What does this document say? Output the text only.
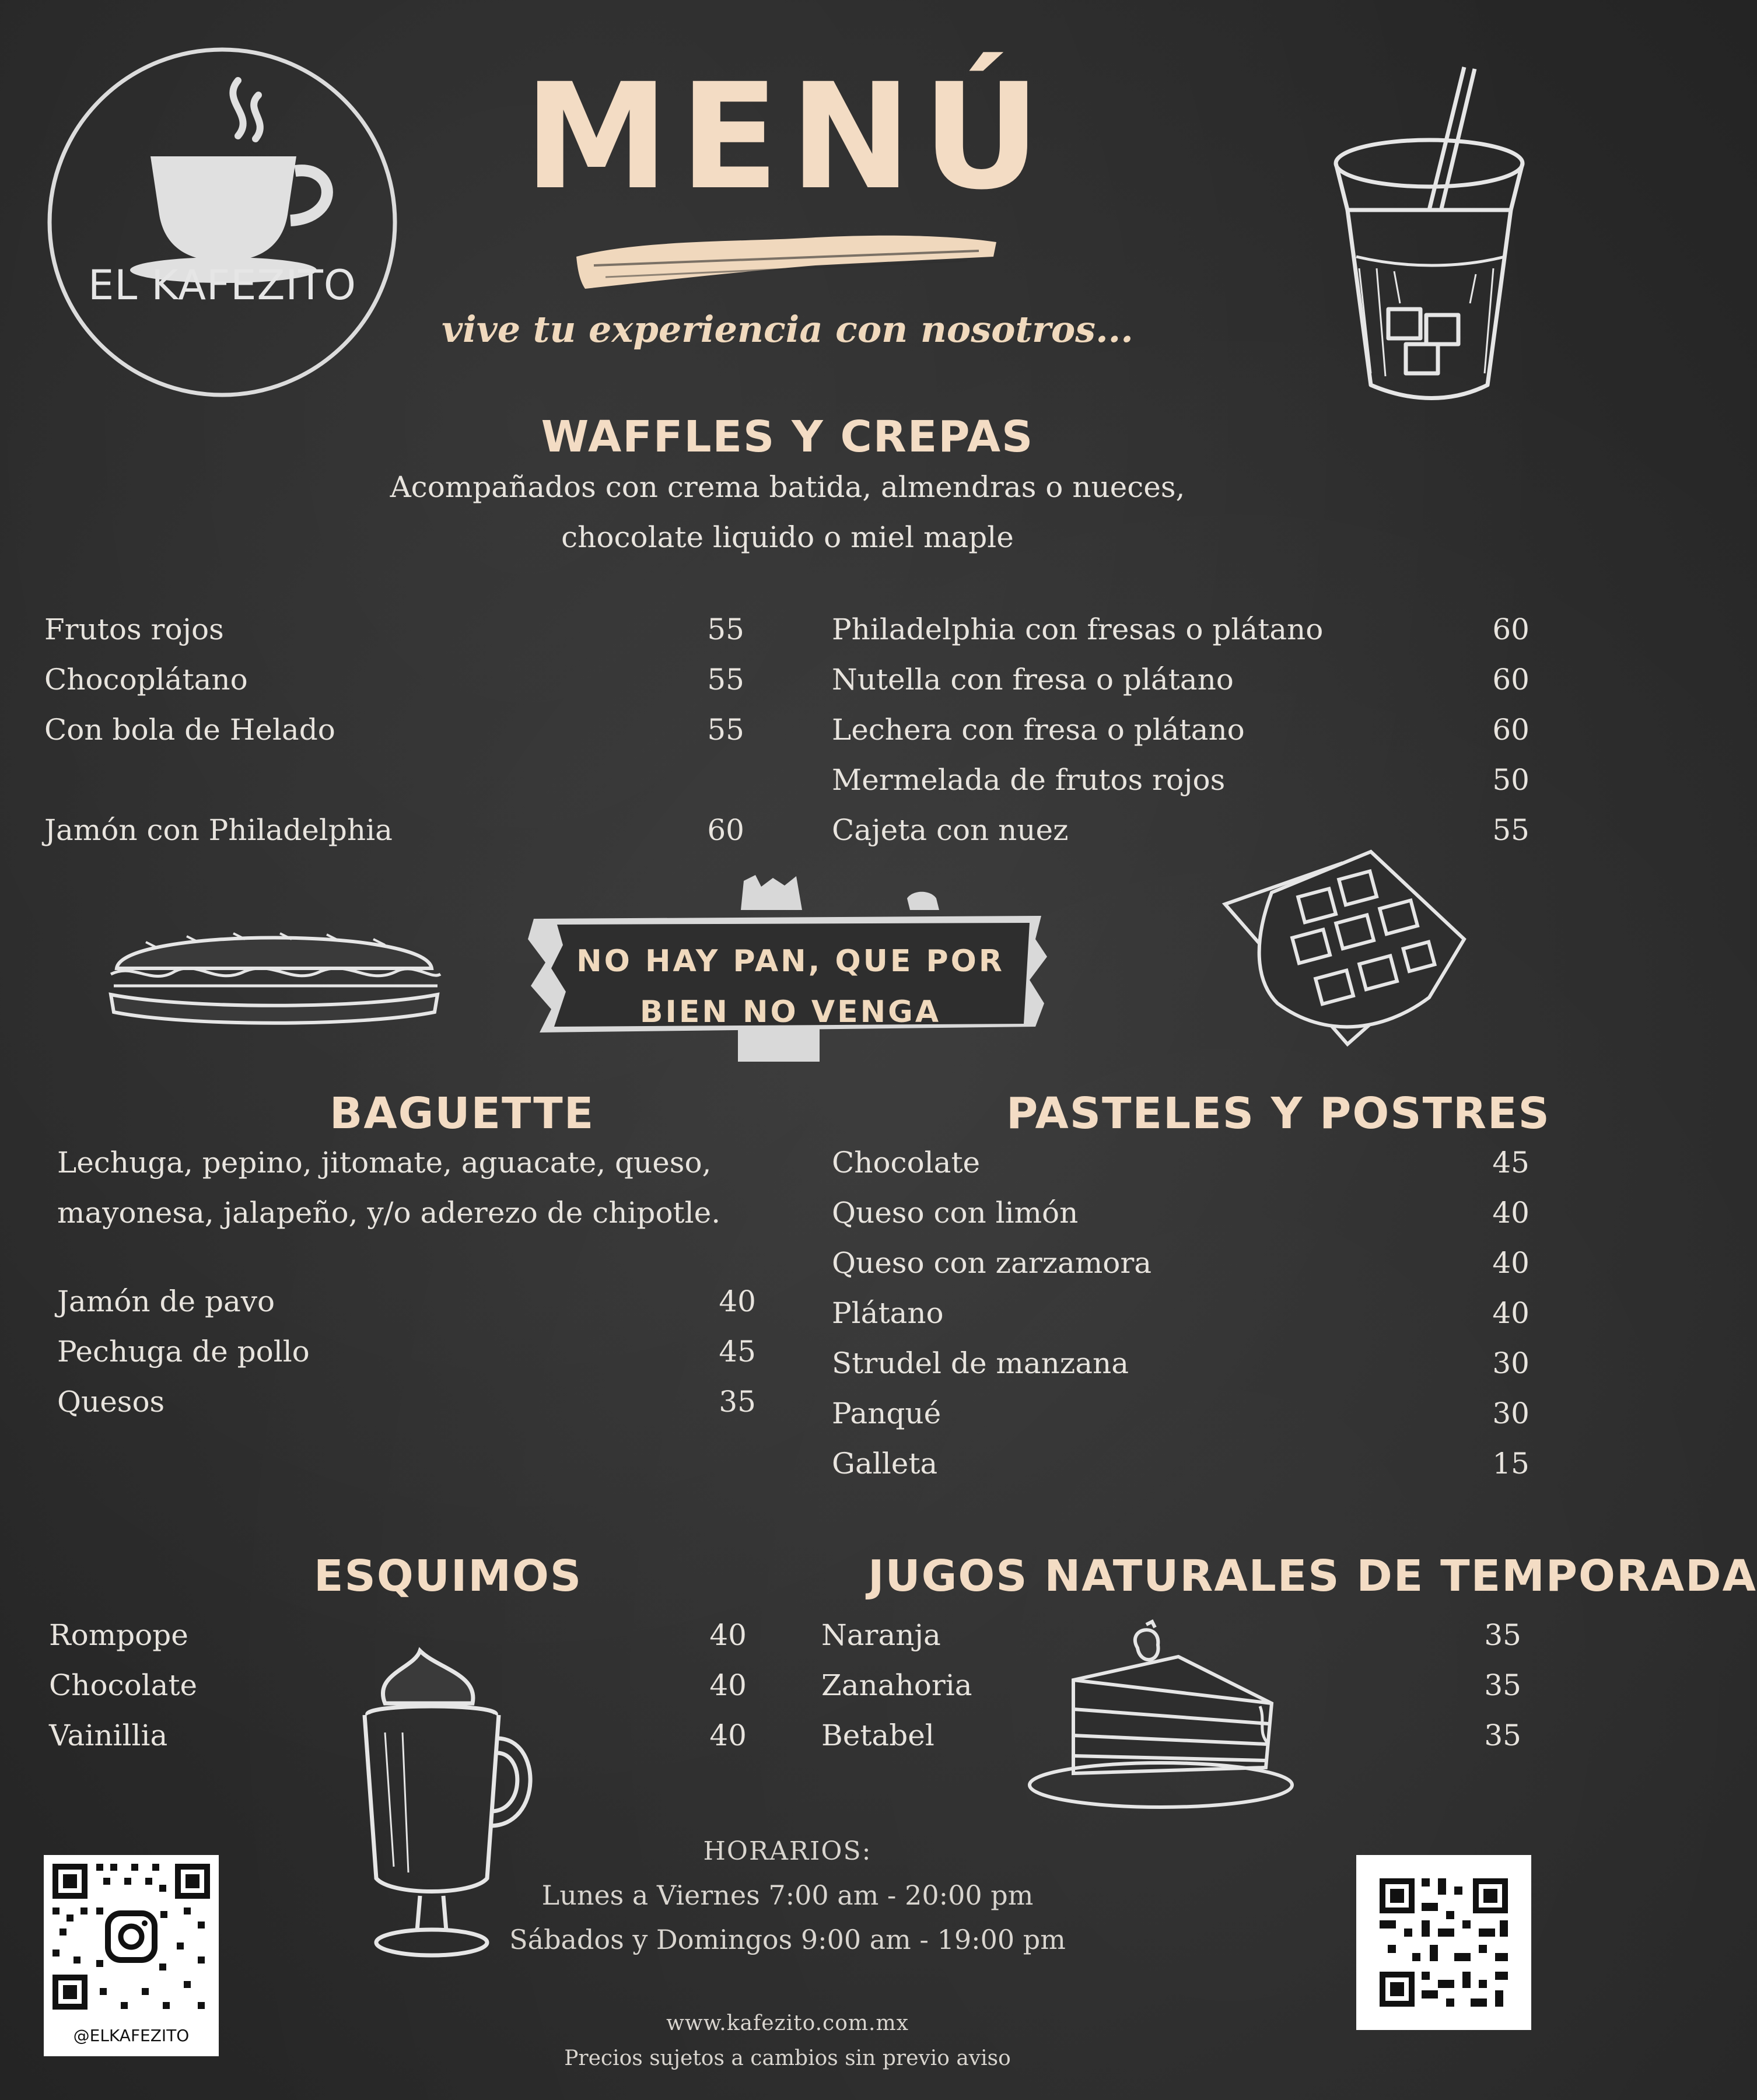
EL KAFEZITO
MENÚ
vive tu experiencia con nosotros...
WAFFLES Y CREPAS
Acompañados con crema batida, almendras o nueces,
chocolate liquido o miel maple
Frutos rojos	55
Chocoplátano	55
Con bola de Helado	55
Jamón con Philadelphia	60
Philadelphia con fresas o plátano	60
Nutella con fresa o plátano	60
Lechera con fresa o plátano	60
Mermelada de frutos rojos	50
Cajeta con nuez	55
NO HAY PAN, QUE POR
BIEN NO VENGA
BAGUETTE
Lechuga, pepino, jitomate, aguacate, queso,
mayonesa, jalapeño, y/o aderezo de chipotle.
Jamón de pavo	40
Pechuga de pollo	45
Quesos	35
PASTELES Y POSTRES
Chocolate	45
Queso con limón	40
Queso con zarzamora	40
Plátano	40
Strudel de manzana	30
Panqué	30
Galleta	15
ESQUIMOS
Rompope	40
Chocolate	40
Vainillia	40
JUGOS NATURALES DE TEMPORADA
Naranja	35
Zanahoria	35
Betabel	35
@ELKAFEZITO
HORARIOS:
Lunes a Viernes 7:00 am - 20:00 pm
Sábados y Domingos 9:00 am - 19:00 pm
www.kafezito.com.mx
Precios sujetos a cambios sin previo aviso
